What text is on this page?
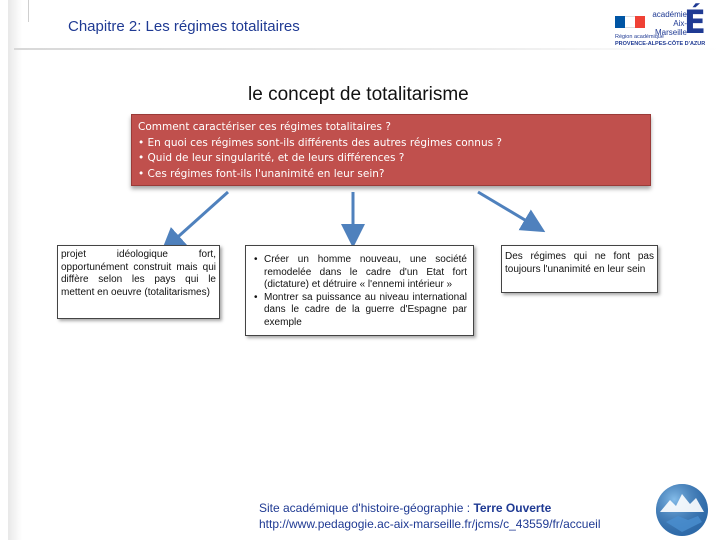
Chapitre 2: Les régimes totalitaires
académie
Aix-Marseille
É
Région académique
PROVENCE-ALPES-CÔTE D'AZUR
le concept de totalitarisme
Comment caractériser ces régimes totalitaires ?
• En quoi ces régimes sont-ils différents des autres régimes connus ?
• Quid de leur singularité, et de leurs différences ?
• Ces régimes font-ils l'unanimité en leur sein?
projet idéologique fort, opportunément construit mais qui diffère selon les pays qui le mettent en oeuvre (totalitarismes)
• Créer un homme nouveau, une société remodelée dans le cadre d'un Etat fort (dictature) et détruire « l'ennemi intérieur »
• Montrer sa puissance au niveau international dans le cadre de la guerre d'Espagne par exemple
Des régimes qui ne font pas toujours l'unanimité en leur sein
Site académique d'histoire-géographie : Terre Ouverte
http://www.pedagogie.ac-aix-marseille.fr/jcms/c_43559/fr/accueil
